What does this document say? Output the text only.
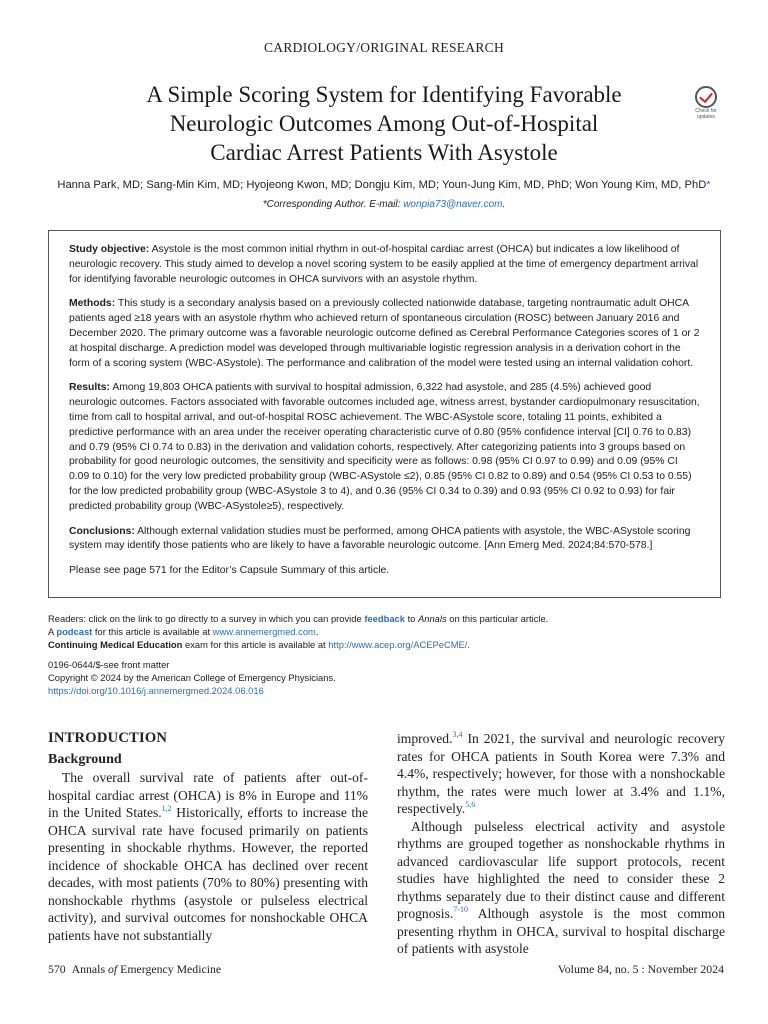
CARDIOLOGY/ORIGINAL RESEARCH
A Simple Scoring System for Identifying Favorable
Neurologic Outcomes Among Out-of-Hospital
Cardiac Arrest Patients With Asystole
Check for
updates
Hanna Park, MD; Sang-Min Kim, MD; Hyojeong Kwon, MD; Dongju Kim, MD; Youn-Jung Kim, MD, PhD; Won Young Kim, MD, PhD*
*Corresponding Author. E-mail: wonpia73@naver.com.

Study objective: Asystole is the most common initial rhythm in out-of-hospital cardiac arrest (OHCA) but indicates a low likelihood of neurologic recovery. This study aimed to develop a novel scoring system to be easily applied at the time of emergency department arrival for identifying favorable neurologic outcomes in OHCA survivors with an asystole rhythm.

Methods: This study is a secondary analysis based on a previously collected nationwide database, targeting nontraumatic adult OHCA patients aged ≥18 years with an asystole rhythm who achieved return of spontaneous circulation (ROSC) between January 2016 and December 2020. The primary outcome was a favorable neurologic outcome defined as Cerebral Performance Categories scores of 1 or 2 at hospital discharge. A prediction model was developed through multivariable logistic regression analysis in a derivation cohort in the form of a scoring system (WBC-ASystole). The performance and calibration of the model were tested using an internal validation cohort.

Results: Among 19,803 OHCA patients with survival to hospital admission, 6,322 had asystole, and 285 (4.5%) achieved good neurologic outcomes. Factors associated with favorable outcomes included age, witness arrest, bystander cardiopulmonary resuscitation, time from call to hospital arrival, and out-of-hospital ROSC achievement. The WBC-ASystole score, totaling 11 points, exhibited a predictive performance with an area under the receiver operating characteristic curve of 0.80 (95% confidence interval [CI] 0.76 to 0.83) and 0.79 (95% CI 0.74 to 0.83) in the derivation and validation cohorts, respectively. After categorizing patients into 3 groups based on probability for good neurologic outcomes, the sensitivity and specificity were as follows: 0.98 (95% CI 0.97 to 0.99) and 0.09 (95% CI 0.09 to 0.10) for the very low predicted probability group (WBC-ASystole ≤2), 0.85 (95% CI 0.82 to 0.89) and 0.54 (95% CI 0.53 to 0.55) for the low predicted probability group (WBC-ASystole 3 to 4), and 0.36 (95% CI 0.34 to 0.39) and 0.93 (95% CI 0.92 to 0.93) for fair predicted probability group (WBC-ASystole≥5), respectively.

Conclusions: Although external validation studies must be performed, among OHCA patients with asystole, the WBC-ASystole scoring system may identify those patients who are likely to have a favorable neurologic outcome. [Ann Emerg Med. 2024;84:570-578.]

Please see page 571 for the Editor’s Capsule Summary of this article.

Readers: click on the link to go directly to a survey in which you can provide feedback to Annals on this particular article.

A podcast for this article is available at www.annemergmed.com.

Continuing Medical Education exam for this article is available at http://www.acep.org/ACEPeCME/.

0196-0644/$-see front matter

Copyright © 2024 by the American College of Emergency Physicians.

https://doi.org/10.1016/j.annemergmed.2024.06.016

INTRODUCTION
Background

The overall survival rate of patients after out-of-hospital cardiac arrest (OHCA) is 8% in Europe and 11% in the United States.$^{1,2}$ Historically, efforts to increase the OHCA survival rate have focused primarily on patients presenting in shockable rhythms. However, the reported incidence of shockable OHCA has declined over recent decades, with most patients (70% to 80%) presenting with nonshockable rhythms (asystole or pulseless electrical activity), and survival outcomes for nonshockable OHCA patients have not substantially

improved.$^{3,4}$ In 2021, the survival and neurologic recovery rates for OHCA patients in South Korea were 7.3% and 4.4%, respectively; however, for those with a nonshockable rhythm, the rates were much lower at 3.4% and 1.1%, respectively.$^{5,6}$

Although pulseless electrical activity and asystole rhythms are grouped together as nonshockable rhythms in advanced cardiovascular life support protocols, recent studies have highlighted the need to consider these 2 rhythms separately due to their distinct cause and different prognosis.$^{7-10}$ Although asystole is the most common presenting rhythm in OHCA, survival to hospital discharge of patients with asystole

570 Annals of Emergency Medicine	Volume 84, no. 5 : November 2024
